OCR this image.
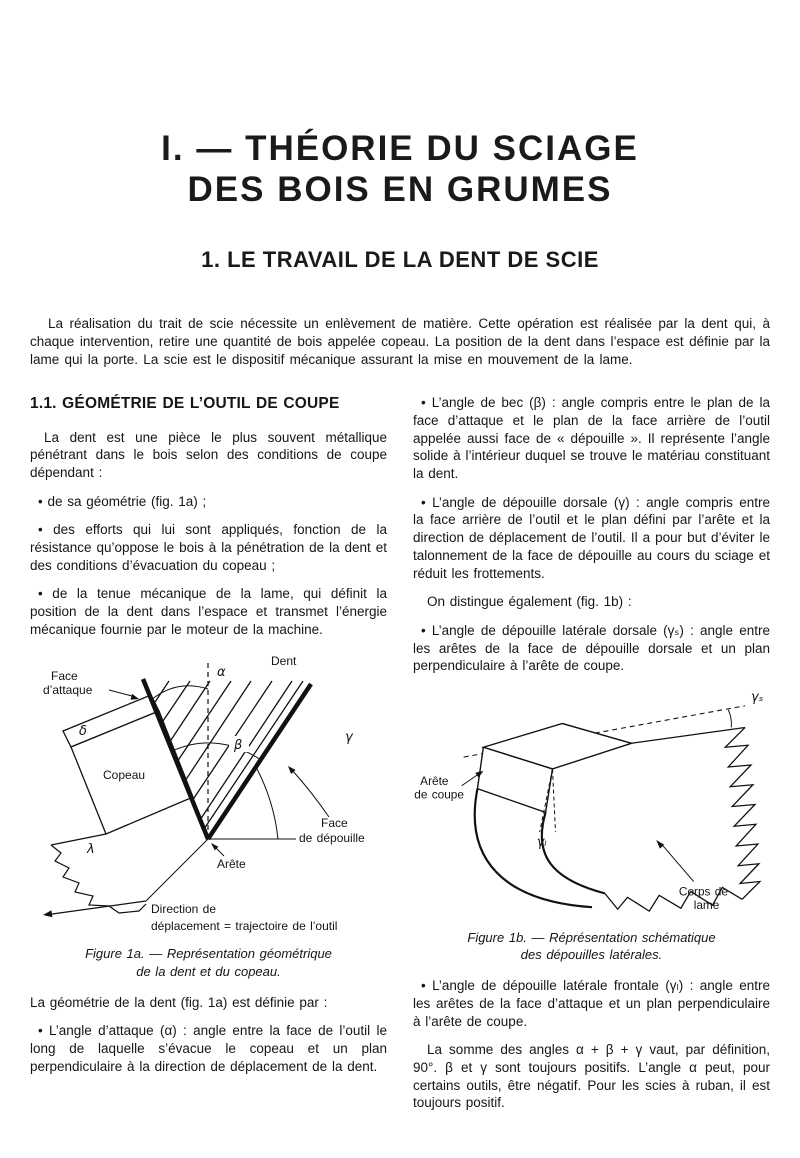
I. — THÉORIE DU SCIAGE
DES BOIS EN GRUMES
1. LE TRAVAIL DE LA DENT DE SCIE

La réalisation du trait de scie nécessite un enlèvement de matière. Cette opération est réalisée par la dent qui, à chaque intervention, retire une quantité de bois appelée copeau. La position de la dent dans l’espace est définie par la lame qui la porte. La scie est le dispositif mécanique assurant la mise en mouvement de la lame.

1.1. GÉOMÉTRIE DE L’OUTIL DE COUPE

La dent est une pièce le plus souvent métallique pénétrant dans le bois selon des conditions de coupe dépendant :

• de sa géométrie (fig. 1a) ;

• des efforts qui lui sont appliqués, fonction de la résistance qu’oppose le bois à la pénétration de la dent et des conditions d’évacuation du copeau ;

• de la tenue mécanique de la lame, qui définit la position de la dent dans l’espace et transmet l’énergie mécanique fournie par le moteur de la machine.

Dent
Face
d’attaque
Copeau
Face
de dépouille
Arête
Direction de
déplacement = trajectoire de l’outil
α
β
γ
δ
λ
Figure 1a. — Représentation géométrique
de la dent et du copeau.

La géométrie de la dent (fig. 1a) est définie par :

• L’angle d’attaque (α) : angle entre la face de l’outil le long de laquelle s’évacue le copeau et un plan perpendiculaire à la direction de déplacement de la dent.

• L’angle de bec (β) : angle compris entre le plan de la face d’attaque et le plan de la face arrière de l’outil appelée aussi face de « dépouille ». Il représente l’angle solide à l’intérieur duquel se trouve le matériau constituant la dent.

• L’angle de dépouille dorsale (γ) : angle compris entre la face arrière de l’outil et le plan défini par l’arête et la direction de déplacement de l’outil. Il a pour but d’éviter le talonnement de la face de dépouille au cours du sciage et réduit les frottements.

On distingue également (fig. 1b) :

• L’angle de dépouille latérale dorsale (γₛ) : angle entre les arêtes de la face de dépouille dorsale et un plan perpendiculaire à l’arête de coupe.

Arête
de coupe
γₛ
γₗ
Corps de
lame
Figure 1b. — Réprésentation schématique
des dépouilles latérales.

• L’angle de dépouille latérale frontale (γₗ) : angle entre les arêtes de la face d’attaque et un plan perpendiculaire à l’arête de coupe.

La somme des angles α + β + γ vaut, par définition, 90°. β et γ sont toujours positifs. L’angle α peut, pour certains outils, être négatif. Pour les scies à ruban, il est toujours positif.
